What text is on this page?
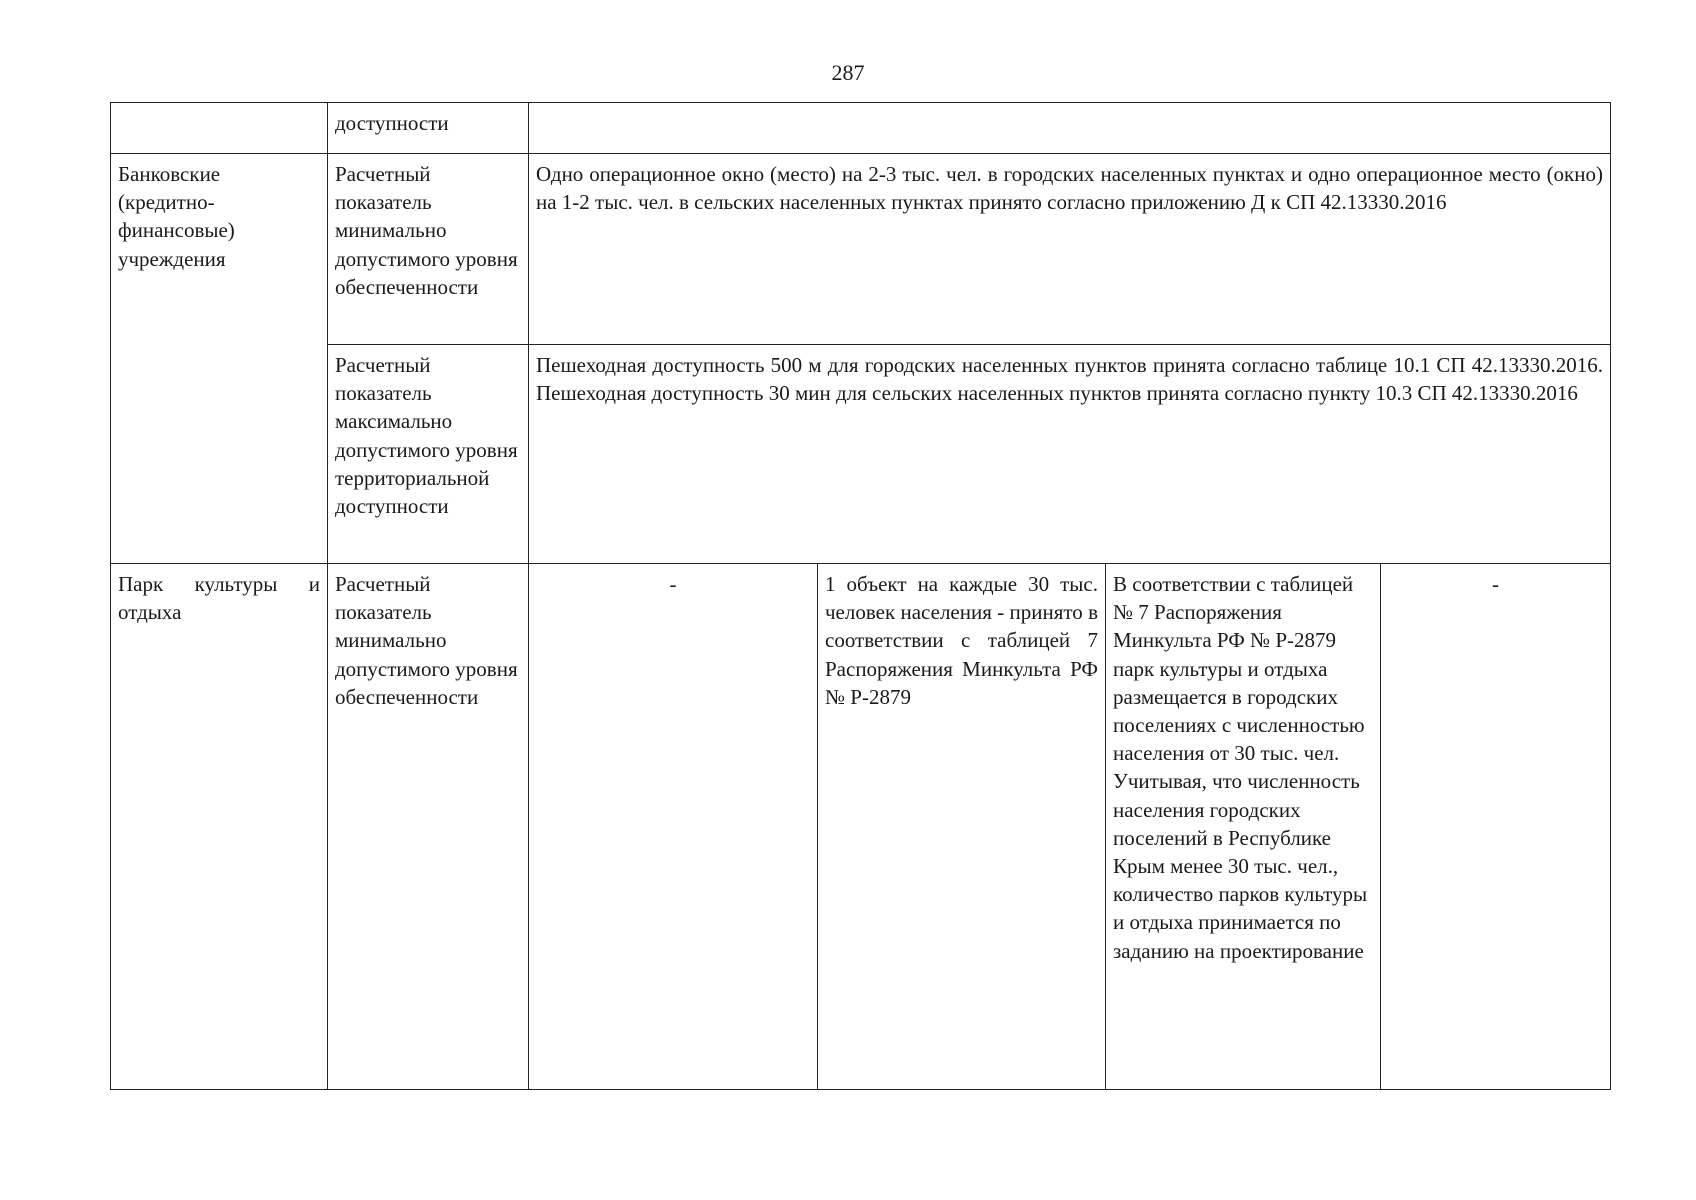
287

	доступности				

Банковские (кредитно-финансовые) учреждения	Расчетный показатель минимально допустимого уровня обеспеченности	Одно операционное окно (место) на 2-3 тыс. чел. в городских населенных пунктах и одно операционное место (окно) на 1-2 тыс. чел. в сельских населенных пунктах принято согласно приложению Д к СП 42.13330.2016			

	Расчетный показатель максимально допустимого уровня территориальной доступности	Пешеходная доступность 500 м для городских населенных пунктов принята согласно таблице 10.1 СП 42.13330.2016. Пешеходная доступность 30 мин для сельских населенных пунктов принята согласно пункту 10.3 СП 42.13330.2016			

Парк культуры и отдыха	Расчетный показатель минимально допустимого уровня обеспеченности	-	1 объект на каждые 30 тыс. человек населения - принято в соответствии с таблицей 7 Распоряжения Минкульта РФ № Р-2879	В соответствии с таблицей № 7 Распоряжения Минкульта РФ № Р-2879 парк культуры и отдыха размещается в городских поселениях с численностью населения от 30 тыс. чел. Учитывая, что численность населения городских поселений в Республике Крым менее 30 тыс. чел., количество парков культуры и отдыха принимается по заданию на проектирование	-
